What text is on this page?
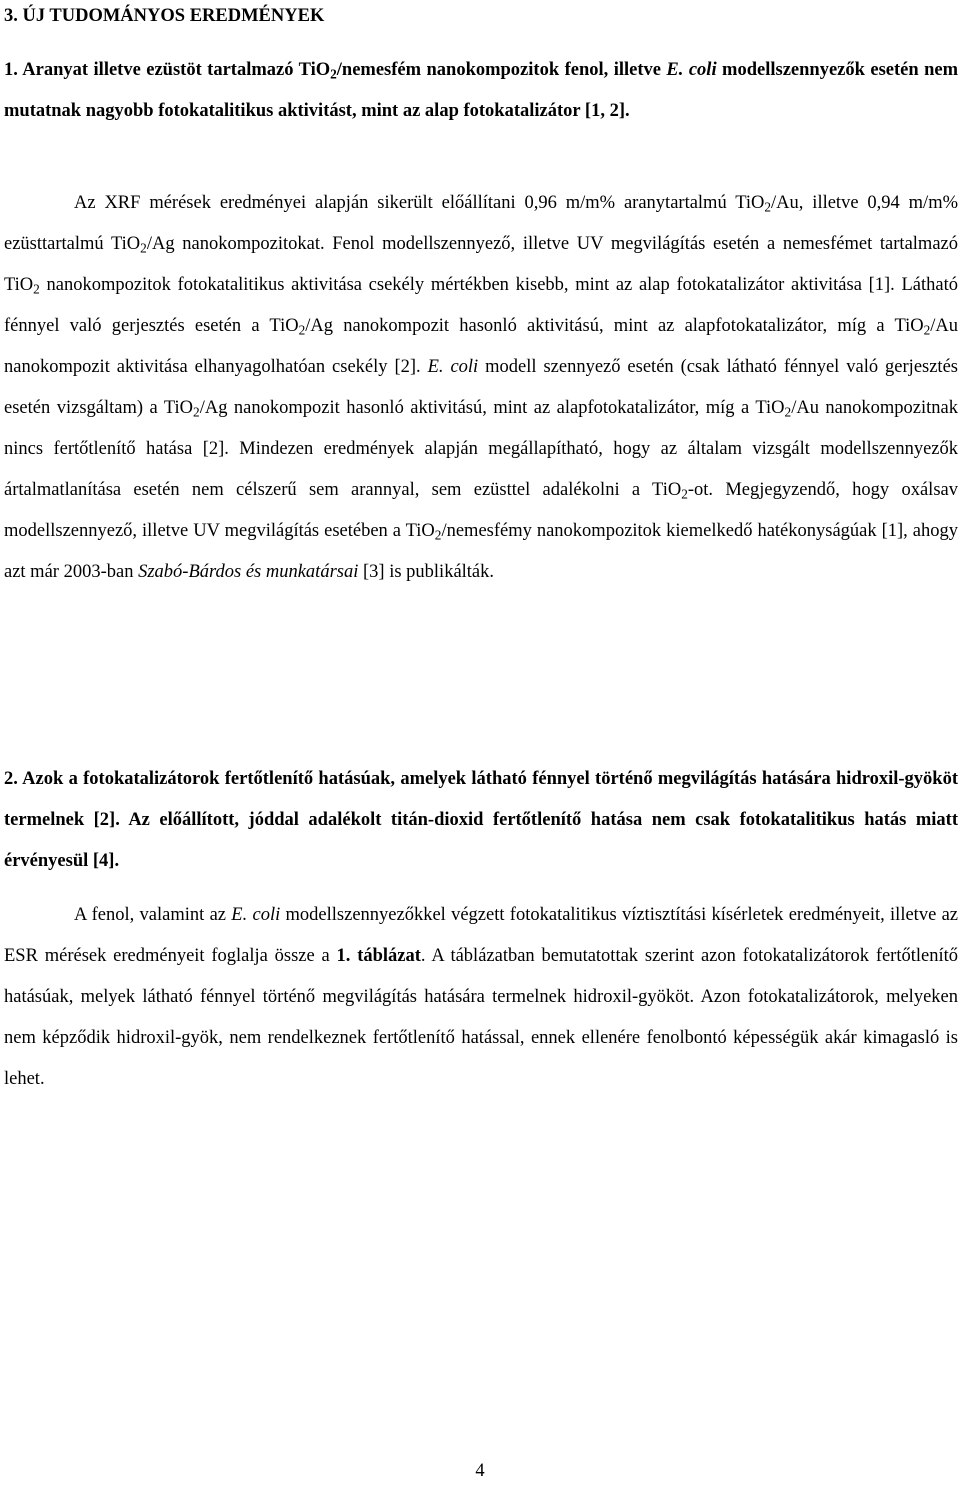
3. ÚJ TUDOMÁNYOS EREDMÉNYEK

1. Aranyat illetve ezüstöt tartalmazó TiO$_2$/nemesfém nanokompozitok fenol, illetve E. coli modellszennyezők esetén nem mutatnak nagyobb fotokatalitikus aktivitást, mint az alap fotokatalizátor [1, 2].

Az XRF mérések eredményei alapján sikerült előállítani 0,96 m/m% aranytartalmú TiO$_2$/Au, illetve 0,94 m/m% ezüsttartalmú TiO$_2$/Ag nanokompozitokat. Fenol modellszennyező, illetve UV megvilágítás esetén a nemesfémet tartalmazó TiO$_2$ nanokompozitok fotokatalitikus aktivitása csekély mértékben kisebb, mint az alap fotokatalizátor aktivitása [1]. Látható fénnyel való gerjesztés esetén a TiO$_2$/Ag nanokompozit hasonló aktivitású, mint az alapfotokatalizátor, míg a TiO$_2$/Au nanokompozit aktivitása elhanyagolhatóan csekély [2]. E. coli modell szennyező esetén (csak látható fénnyel való gerjesztés esetén vizsgáltam) a TiO$_2$/Ag nanokompozit hasonló aktivitású, mint az alapfotokatalizátor, míg a TiO$_2$/Au nanokompozitnak nincs fertőtlenítő hatása [2]. Mindezen eredmények alapján megállapítható, hogy az általam vizsgált modellszennyezők ártalmatlanítása esetén nem célszerű sem arannyal, sem ezüsttel adalékolni a TiO$_2$-ot. Megjegyzendő, hogy oxálsav modellszennyező, illetve UV megvilágítás esetében a TiO$_2$/nemesfémy nanokompozitok kiemelkedő hatékonyságúak [1], ahogy azt már 2003-ban Szabó-Bárdos és munkatársai [3] is publikálták.

2. Azok a fotokatalizátorok fertőtlenítő hatásúak, amelyek látható fénnyel történő megvilágítás hatására hidroxil-gyököt termelnek [2]. Az előállított, jóddal adalékolt titán-dioxid fertőtlenítő hatása nem csak fotokatalitikus hatás miatt érvényesül [4].

A fenol, valamint az E. coli modellszennyezőkkel végzett fotokatalitikus víztisztítási kísérletek eredményeit, illetve az ESR mérések eredményeit foglalja össze a 1. táblázat. A táblázatban bemutatottak szerint azon fotokatalizátorok fertőtlenítő hatásúak, melyek látható fénnyel történő megvilágítás hatására termelnek hidroxil-gyököt. Azon fotokatalizátorok, melyeken nem képződik hidroxil-gyök, nem rendelkeznek fertőtlenítő hatással, ennek ellenére fenolbontó képességük akár kimagasló is lehet.

4
